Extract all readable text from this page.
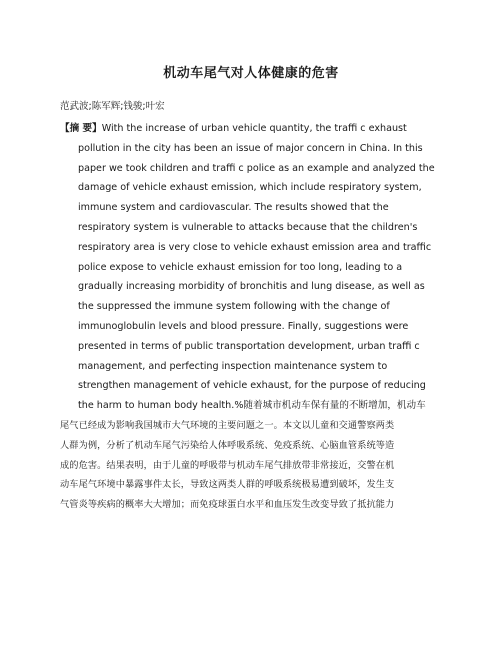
机动车尾气对人体健康的危害
范武波;陈军辉;钱骏;叶宏
【摘 要】With the increase of urban vehicle quantity, the traffi c exhaust
pollution in the city has been an issue of major concern in China. In this
paper we took children and traffi c police as an example and analyzed the
damage of vehicle exhaust emission, which include respiratory system,
immune system and cardiovascular. The results showed that the
respiratory system is vulnerable to attacks because that the children's
respiratory area is very close to vehicle exhaust emission area and traffic
police expose to vehicle exhaust emission for too long, leading to a
gradually increasing morbidity of bronchitis and lung disease, as well as
the suppressed the immune system following with the change of
immunoglobulin levels and blood pressure. Finally, suggestions were
presented in terms of public transportation development, urban traffi c
management, and perfecting inspection maintenance system to
strengthen management of vehicle exhaust, for the purpose of reducing
the harm to human body health.%随着城市机动车保有量的不断增加，机动车
尾气已经成为影响我国城市大气环境的主要问题之一。本文以儿童和交通警察两类
人群为例，分析了机动车尾气污染给人体呼吸系统、免疫系统、心脑血管系统等造
成的危害。结果表明，由于儿童的呼吸带与机动车尾气排放带非常接近，交警在机
动车尾气环境中暴露事件太长，导致这两类人群的呼吸系统极易遭到破坏，发生支
气管炎等疾病的概率大大增加；而免疫球蛋白水平和血压发生改变导致了抵抗能力
